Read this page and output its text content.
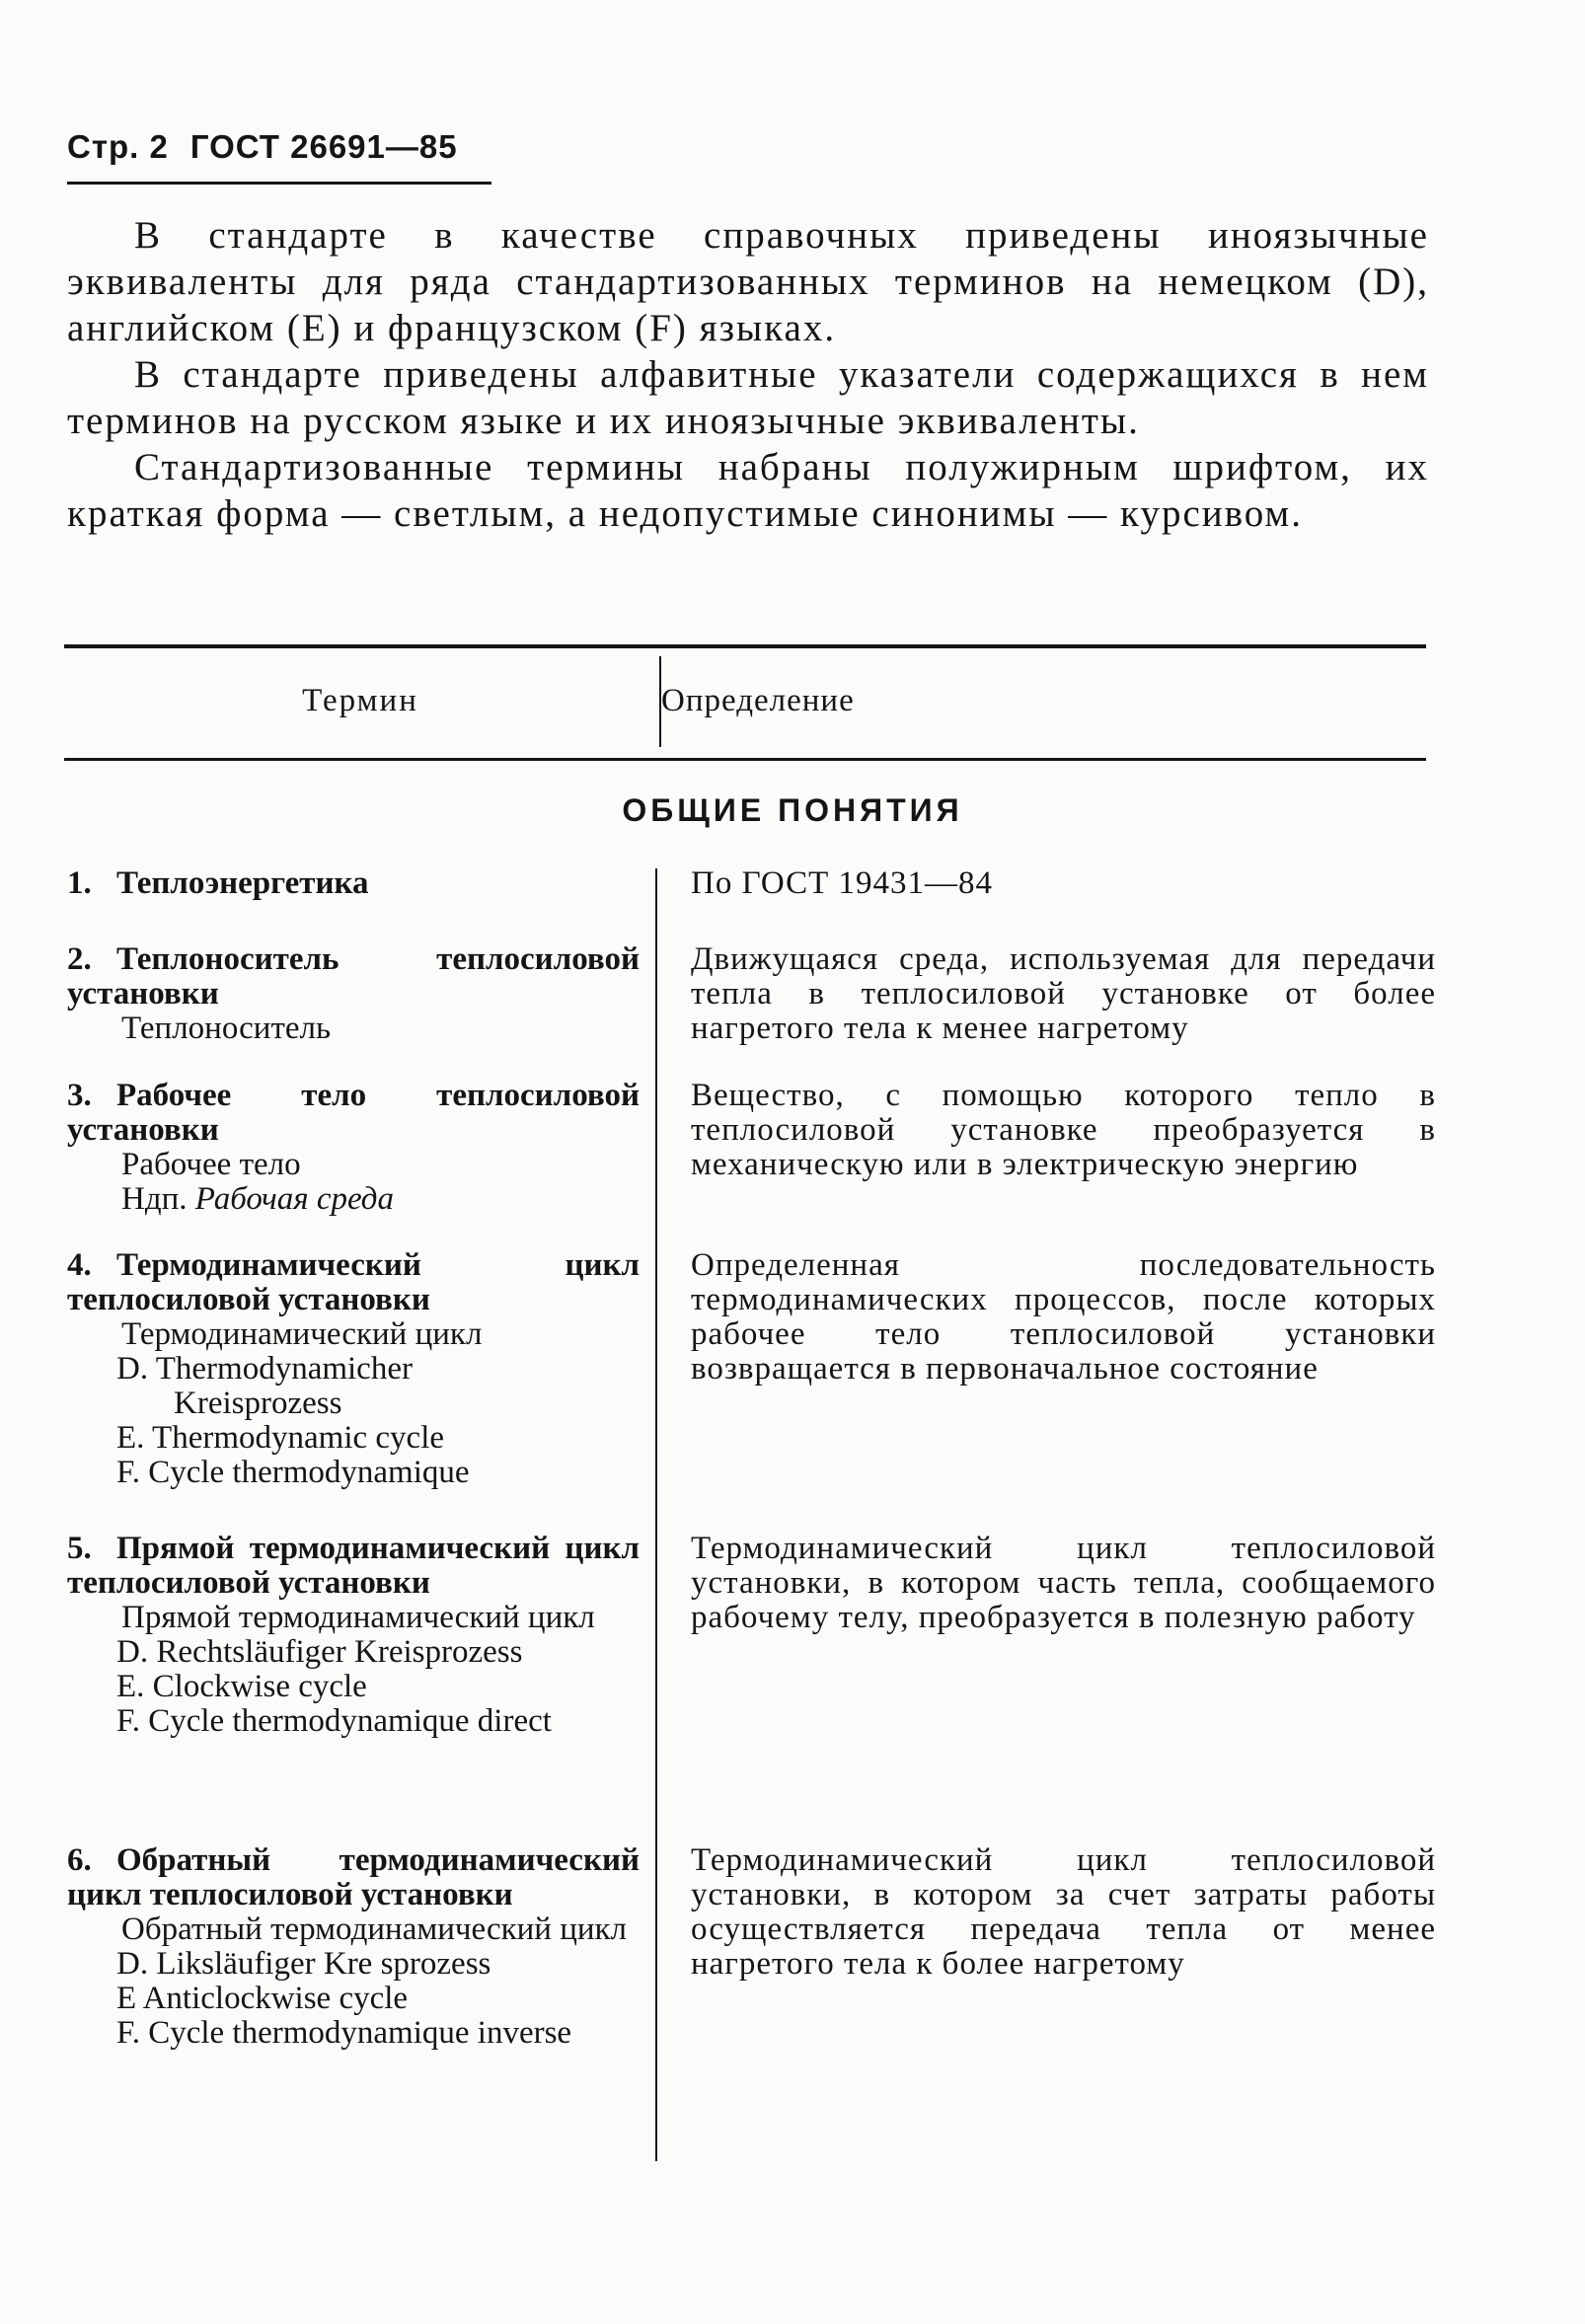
Стр. 2 ГОСТ 26691—85

В стандарте в качестве справочных приведены иноязычные эквиваленты для ряда стандартизованных терминов на немецком (D), английском (E) и французском (F) языках.

В стандарте приведены алфавитные указатели содержащихся в нем терминов на русском языке и их иноязычные эквиваленты.

Стандартизованные термины набраны полужирным шрифтом, их краткая форма — светлым, а недопустимые синонимы — курсивом.

Термин	Определение
ОБЩИЕ ПОНЯТИЯ
1. Теплоэнергетика	По ГОСТ 19431—84
2. Теплоноситель теплосиловой установки
Теплоноситель
Движущаяся среда, используемая для передачи тепла в теплосиловой установке от более нагретого тела к менее нагретому
3. Рабочее тело теплосиловой установки
Рабочее тело
Ндп. Рабочая среда
Вещество, с помощью которого тепло в теплосиловой установке преобразуется в механическую или в электрическую энергию
4. Термодинамический цикл теплосиловой установки
Термодинамический цикл
D. Thermodynamicher
Kreisprozess
E. Thermodynamic cycle
F. Cycle thermodynamique
Определенная последовательность термодинамических процессов, после которых рабочее тело теплосиловой установки возвращается в первоначальное состояние
5. Прямой термодинамический цикл теплосиловой установки
Прямой термодинамический цикл
D. Rechtsläufiger Kreisprozess
E. Clockwise cycle
F. Cycle thermodynamique direct
Термодинамический цикл теплосиловой установки, в котором часть тепла, сообщаемого рабочему телу, преобразуется в полезную работу
6. Обратный термодинамический цикл теплосиловой установки
Обратный термодинамический цикл
D. Liksläufiger Kre sprozess
E Anticlockwise cycle
F. Cycle thermodynamique inverse
Термодинамический цикл теплосиловой установки, в котором за счет затраты работы осуществляется передача тепла от менее нагретого тела к более нагретому
